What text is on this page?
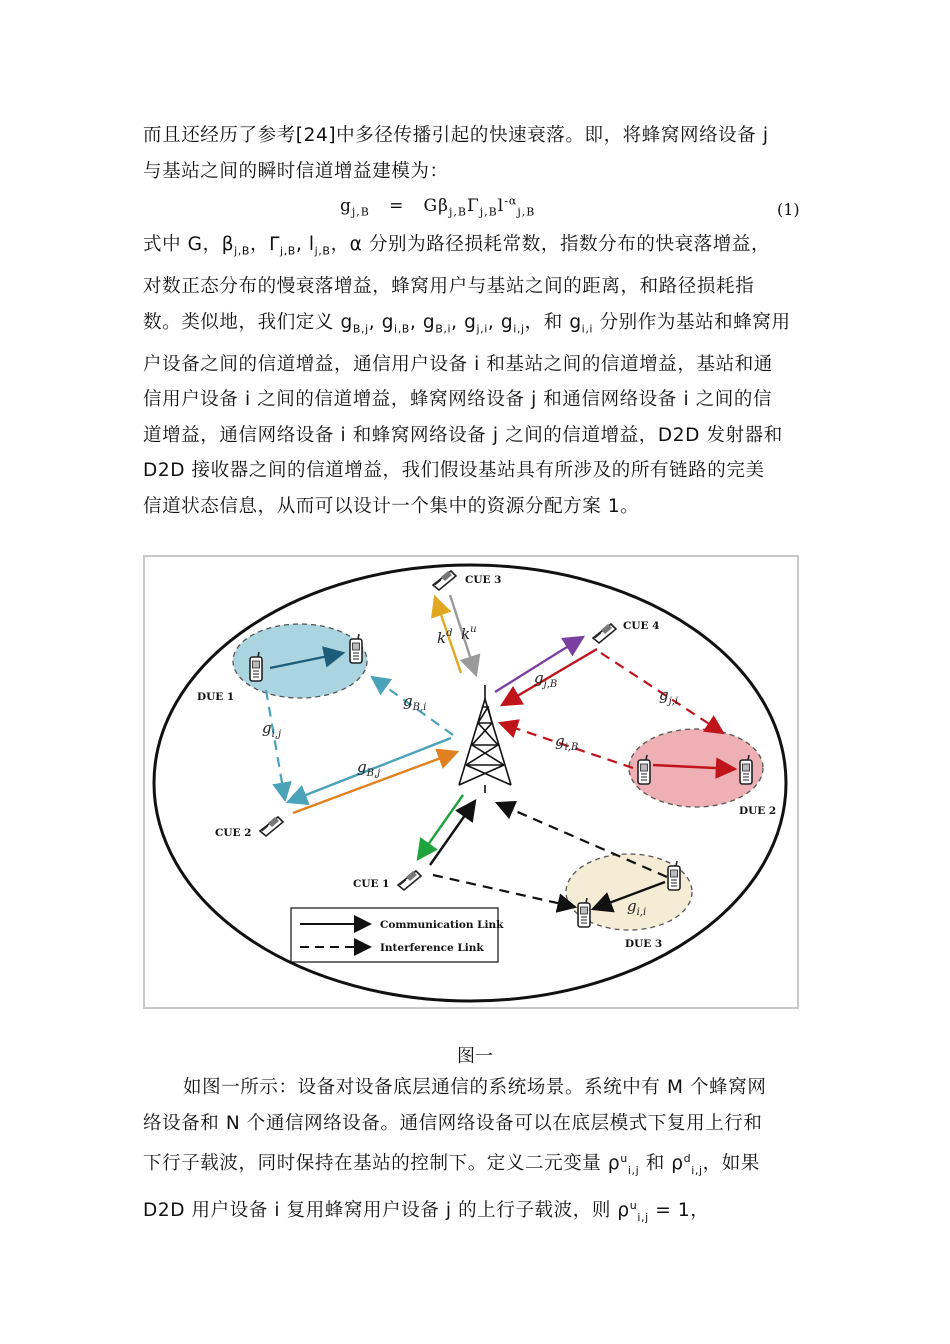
而且还经历了参考[24]中多径传播引起的快速衰落。即，将蜂窝网络设备 j
与基站之间的瞬时信道增益建模为：
$g_{j,B} = G\beta_{j,B}\Gamma_{j,B}l^{-\alpha}_{j,B}$	(1)
式中 G，$\beta_{j,B}$，$\Gamma_{j,B}$, $l_{j,B}$，α 分别为路径损耗常数，指数分布的快衰落增益，
对数正态分布的慢衰落增益，蜂窝用户与基站之间的距离，和路径损耗指
数。类似地，我们定义 $g_{B,j}$, $g_{i,B}$, $g_{B,i}$, $g_{j,i}$, $g_{i,j}$，和 $g_{i,i}$ 分别作为基站和蜂窝用
户设备之间的信道增益，通信用户设备 i 和基站之间的信道增益，基站和通
信用户设备 i 之间的信道增益，蜂窝网络设备 j 和通信网络设备 i 之间的信
道增益，通信网络设备 i 和蜂窝网络设备 j 之间的信道增益，D2D 发射器和
D2D 接收器之间的信道增益，我们假设基站具有所涉及的所有链路的完美
信道状态信息，从而可以设计一个集中的资源分配方案 1。
CUE 3
CUE 4
DUE 1
DUE 2
CUE 2
CUE 1
DUE 3
$k^d$ $k^u$
$g_{j,B}$
$g_{j,i}$
$g_{B,i}$
$g_{i,B}$
$g_{i,j}$
$g_{B,j}$
$g_{i,i}$
Communication Link
Interference Link
图一
如图一所示：设备对设备底层通信的系统场景。系统中有 M 个蜂窝网
络设备和 N 个通信网络设备。通信网络设备可以在底层模式下复用上行和
下行子载波，同时保持在基站的控制下。定义二元变量 $\rho^u_{i,j}$ 和 $\rho^d_{i,j}$，如果
D2D 用户设备 i 复用蜂窝用户设备 j 的上行子载波，则 $\rho^u_{i,j} = 1$，
